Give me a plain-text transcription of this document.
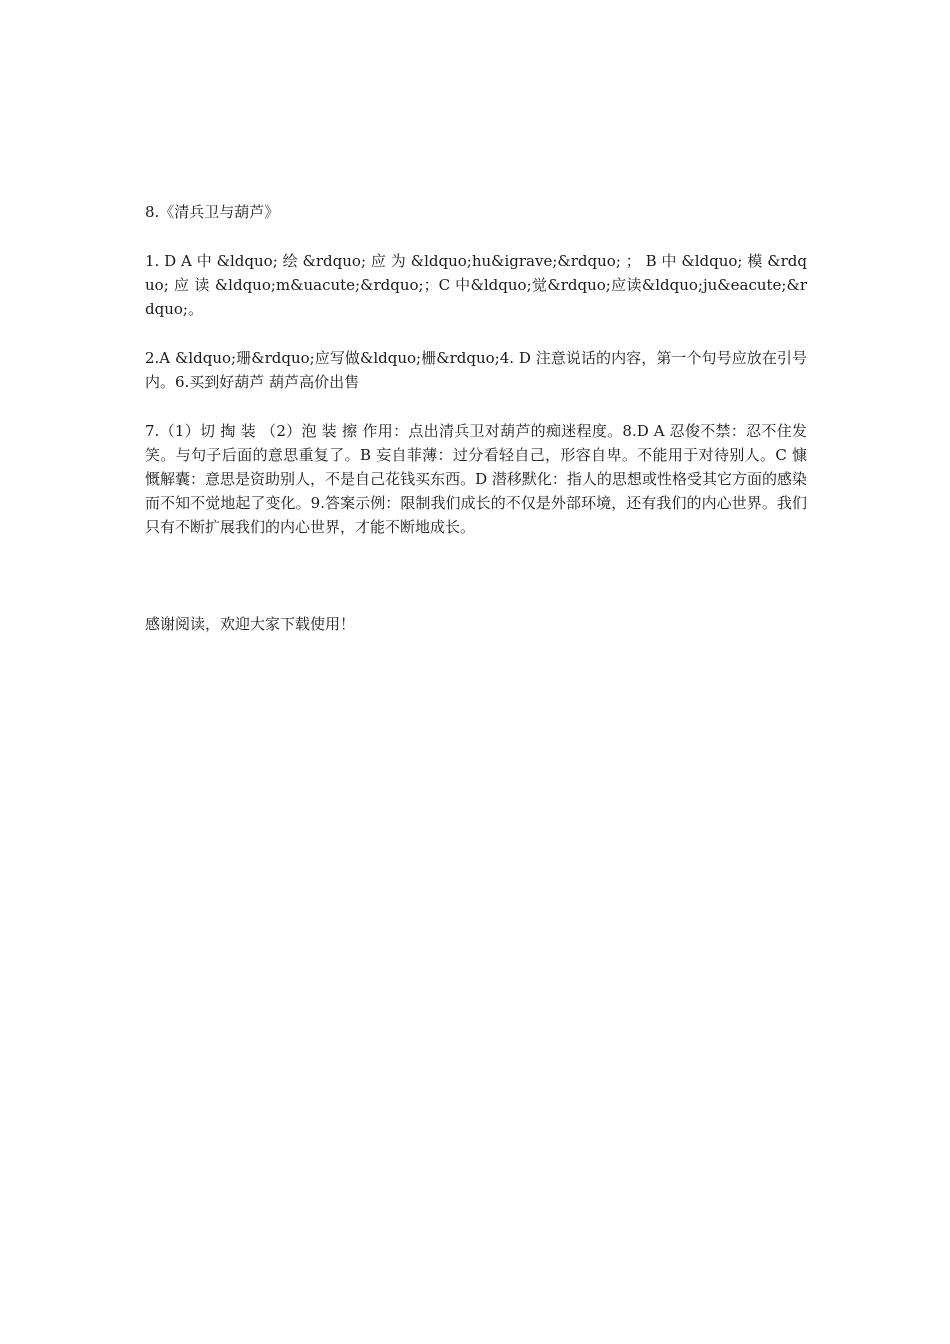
8.《清兵卫与葫芦》

1. D A 中 &ldquo; 绘 &rdquo; 应 为 &ldquo;hu&igrave;&rdquo; ； B 中 &ldquo; 模 &rdquo; 应 读 &ldquo;m&uacute;&rdquo;；C 中&ldquo;觉&rdquo;应读&ldquo;ju&eacute;&rdquo;。

2.A &ldquo;珊&rdquo;应写做&ldquo;栅&rdquo;4. D 注意说话的内容，第一个句号应放在引号内。6.买到好葫芦 葫芦高价出售

7.（1）切 掏 装 （2）泡 装 擦 作用：点出清兵卫对葫芦的痴迷程度。8.D A 忍俊不禁：忍不住发笑。与句子后面的意思重复了。B 妄自菲薄：过分看轻自己，形容自卑。不能用于对待别人。C 慷慨解囊：意思是资助别人，不是自己花钱买东西。D 潜移默化：指人的思想或性格受其它方面的感染而不知不觉地起了变化。9.答案示例：限制我们成长的不仅是外部环境，还有我们的内心世界。我们只有不断扩展我们的内心世界，才能不断地成长。

感谢阅读，欢迎大家下载使用！
